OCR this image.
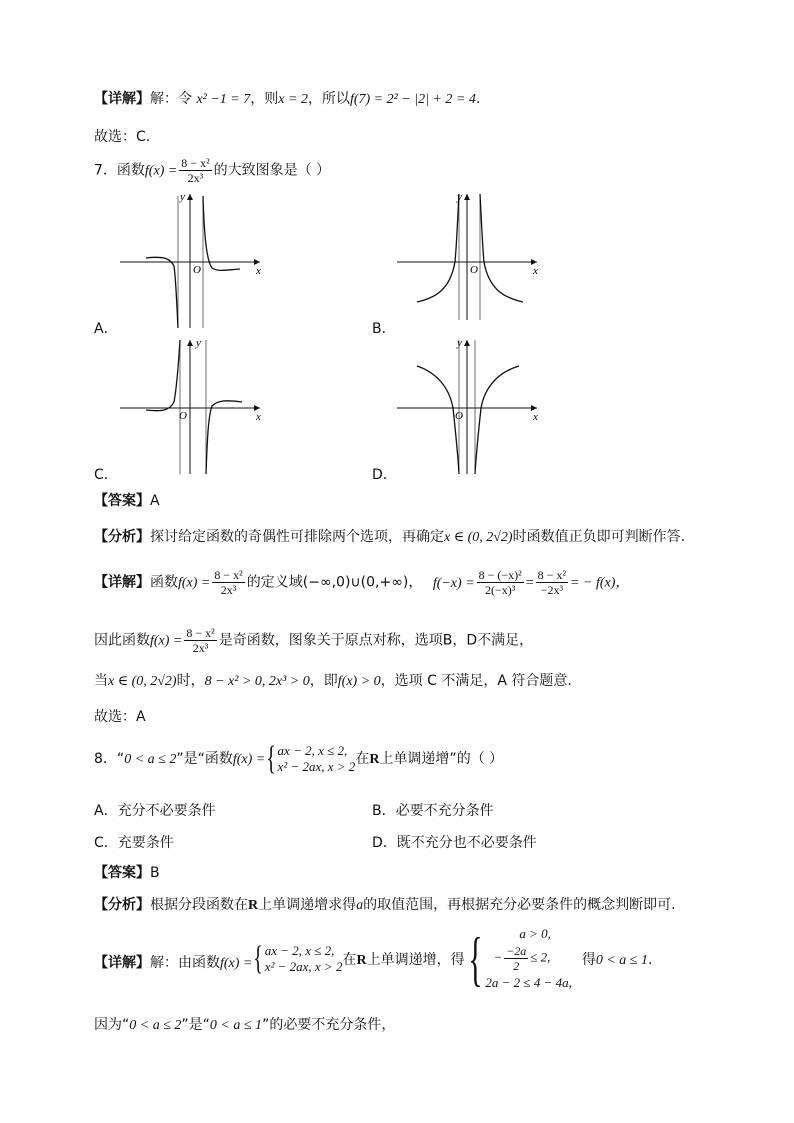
【详解】解：令 x² −1 = 7，则x = 2，所以f(7) = 2² − |2| + 2 = 4.
故选：C.
7．函数$f(x) = \frac{\text{8 − x²}}{\text{2x³}}$ 的大致图象是（ ）
y
x
O
A．
y
x
O
B．
y
x
O
C．
y
x
O
D．
【答案】A
【分析】探讨给定函数的奇偶性可排除两个选项，再确定x ∈ (0, 2√2)时函数值正负即可判断作答.
【详解】函数$f(x) = \frac{\text{8 − x²}}{\text{2x³}}$ 的定义域(−∞,0)∪(0,+∞)， $f(-x) = \frac{\text{8 − (−x)²}}{\text{2(−x)³}} = \frac{\text{8 − x²}}{\text{−2x³}}$ = − f(x)，
因此函数$f(x) = \frac{\text{8 − x²}}{\text{2x³}}$ 是奇函数，图象关于原点对称，选项B，D不满足，
当x ∈ (0, 2√2)时，8 − x² > 0, 2x³ > 0，即f(x) > 0，选项 C 不满足，A 符合题意.
故选：A
8．“0 < a ≤ 2”是“函数f(x) ={ ax − 2, x ≤ 2,
x² − 2ax, x > 2 在R上单调递增”的（ ）
A．充分不必要条件	B．必要不充分条件
C．充要条件	D．既不充分也不必要条件
【答案】B
【分析】根据分段函数在R上单调递增求得a的取值范围，再根据充分必要条件的概念判断即可.
【详解】解：由函数f(x) ={ ax − 2, x ≤ 2,
x² − 2ax, x > 2 在R上单调递增，得{	a > 0,
− $\frac{-2a}{2} \le 2$,
2a − 2 ≤ 4 − 4a,
得0 < a ≤ 1.
因为“0 < a ≤ 2”是“0 < a ≤ 1”的必要不充分条件，
